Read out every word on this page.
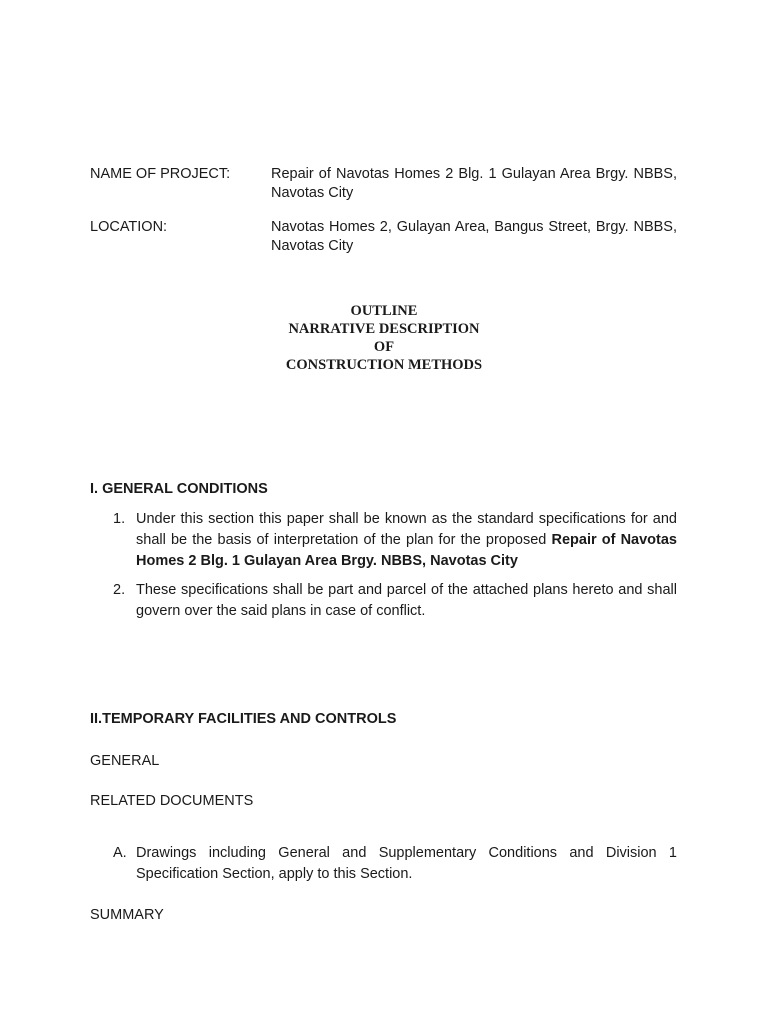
NAME OF PROJECT:	Repair of Navotas Homes 2 Blg. 1 Gulayan Area Brgy. NBBS, Navotas City
LOCATION:	Navotas Homes 2, Gulayan Area, Bangus Street, Brgy. NBBS, Navotas City
OUTLINE
NARRATIVE DESCRIPTION
OF
CONSTRUCTION METHODS
I. GENERAL CONDITIONS
1. Under this section this paper shall be known as the standard specifications for and shall be the basis of interpretation of the plan for the proposed Repair of Navotas Homes 2 Blg. 1 Gulayan Area Brgy. NBBS, Navotas City
2. These specifications shall be part and parcel of the attached plans hereto and shall govern over the said plans in case of conflict.
II.TEMPORARY FACILITIES AND CONTROLS
GENERAL
RELATED DOCUMENTS
A. Drawings including General and Supplementary Conditions and Division 1 Specification Section, apply to this Section.
SUMMARY
